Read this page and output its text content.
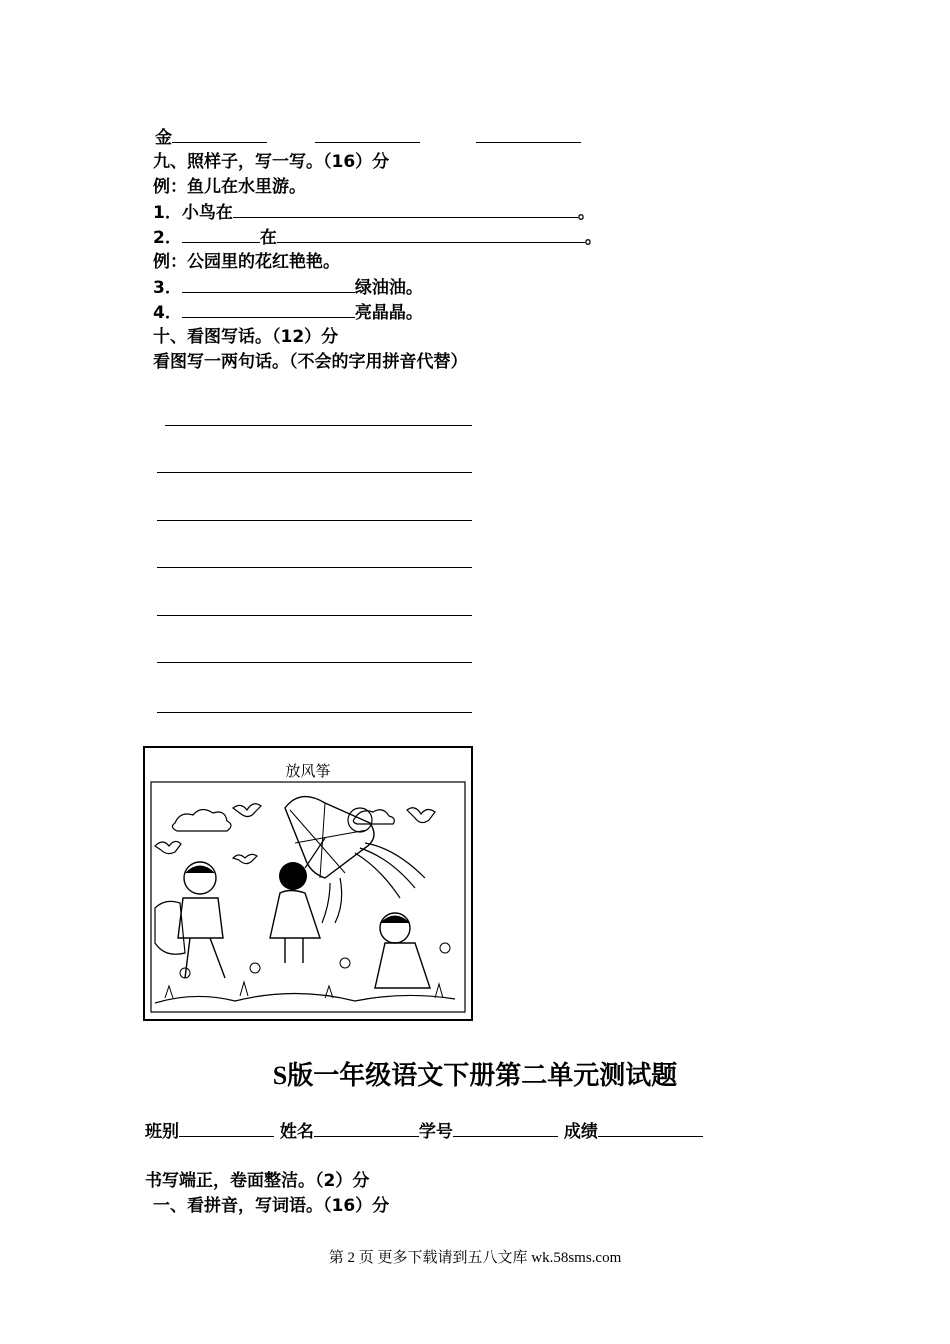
金
九、照样子，写一写。（16）分
例：鱼儿在水里游。
1．小鸟在	。
2．	在	。
例：公园里的花红艳艳。
3．	绿油油。
4．	亮晶晶。
十、看图写话。（12）分
看图写一两句话。（不会的字用拼音代替）
放风筝
S版一年级语文下册第二单元测试题
班别	姓名	学号	成绩
书写端正，卷面整洁。（2）分
一、看拼音，写词语。（16）分
第 2 页 更多下载请到五八文库 wk.58sms.com
